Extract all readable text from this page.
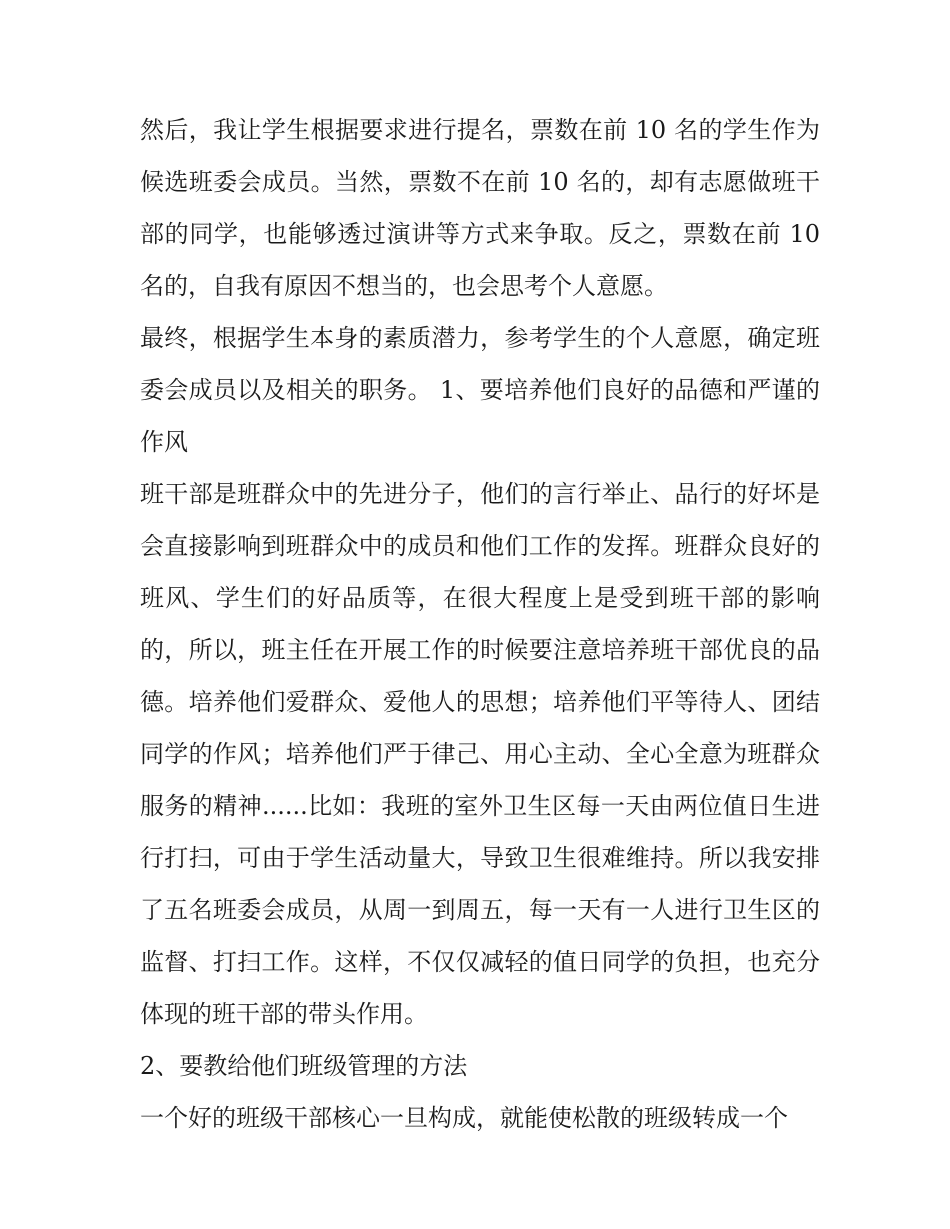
然后，我让学生根据要求进行提名，票数在前 10 名的学生作为候选班委会成员。当然，票数不在前 10 名的，却有志愿做班干部的同学，也能够透过演讲等方式来争取。反之，票数在前 10 名的，自我有原因不想当的，也会思考个人意愿。

最终，根据学生本身的素质潜力，参考学生的个人意愿，确定班委会成员以及相关的职务。 1、要培养他们良好的品德和严谨的作风

班干部是班群众中的先进分子，他们的言行举止、品行的好坏是会直接影响到班群众中的成员和他们工作的发挥。班群众良好的班风、学生们的好品质等，在很大程度上是受到班干部的影响的，所以，班主任在开展工作的时候要注意培养班干部优良的品德。培养他们爱群众、爱他人的思想；培养他们平等待人、团结同学的作风；培养他们严于律己、用心主动、全心全意为班群众服务的精神......比如：我班的室外卫生区每一天由两位值日生进行打扫，可由于学生活动量大，导致卫生很难维持。所以我安排了五名班委会成员，从周一到周五，每一天有一人进行卫生区的监督、打扫工作。这样，不仅仅减轻的值日同学的负担，也充分体现的班干部的带头作用。

2、要教给他们班级管理的方法

一个好的班级干部核心一旦构成，就能使松散的班级转成一个
